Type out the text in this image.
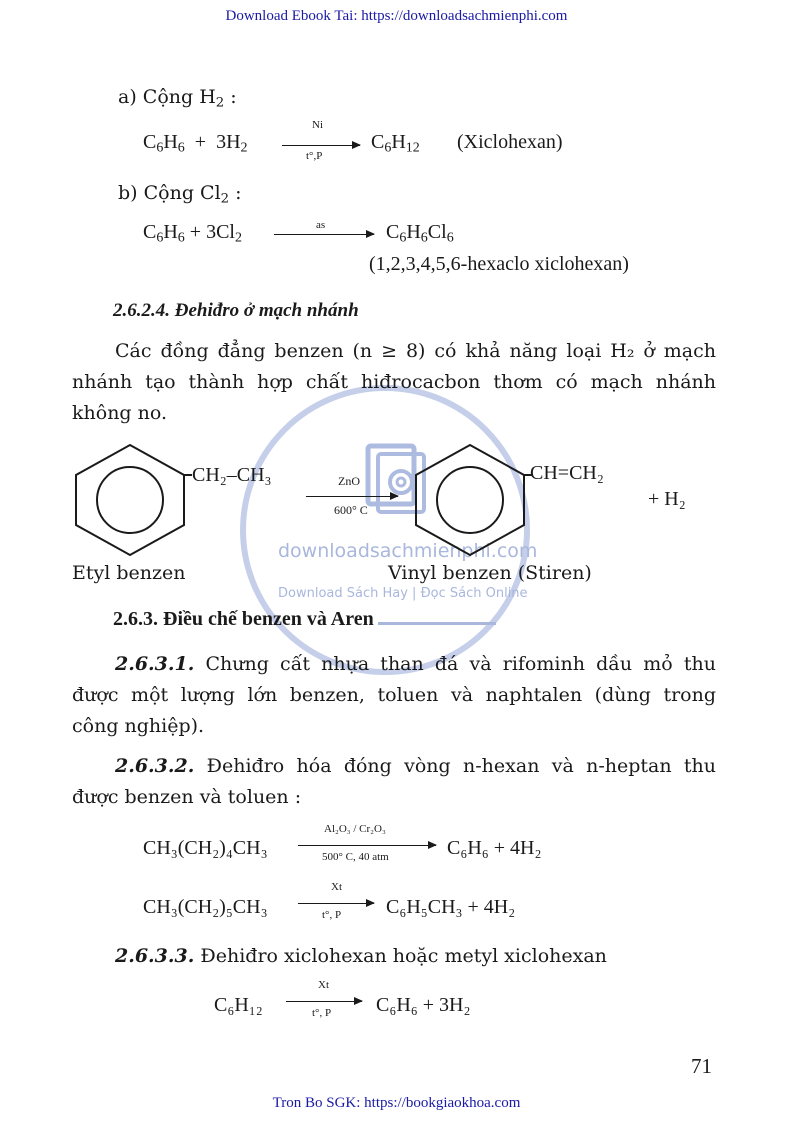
Download Ebook Tai: https://downloadsachmienphi.com
Tron Bo SGK: https://bookgiaokhoa.com
71
downloadsachmienphi.com
Download Sách Hay | Đọc Sách Online
a) Cộng $H_2$ :
$C_6H_6 + 3H_2$
Ni
t°,P
$C_6H_{12}$ (Xiclohexan)
b) Cộng $Cl_2$ :
$C_6H_6 + 3Cl_2$
as	$C_6H_6Cl_6$
(1,2,3,4,5,6-hexaclo xiclohexan)
2.6.2.4. Đehiđro ở mạch nhánh
Các đồng đẳng benzen (n ≥ 8) có khả năng loại H₂ ở mạch
nhánh tạo thành hợp chất hiđrocacbon thơm có mạch nhánh
không no.
CH₂–CH₃	ZnO
600° C
CH=CH₂
+ H₂
Etyl benzen	Vinyl benzen (Stiren)
2.6.3. Điều chế benzen và Aren
2.6.3.1. Chưng cất nhựa than đá và rifominh dầu mỏ thu
được một lượng lớn benzen, toluen và naphtalen (dùng trong
công nghiệp).
2.6.3.2. Đehiđro hóa đóng vòng n-hexan và n-heptan thu
được benzen và toluen :
CH₃(CH₂)₄CH₃
Al₂O₃ / Cr₂O₃
500° C, 40 atm	C₆H₆ + 4H₂
CH₃(CH₂)₅CH₃
Xt
t°, P C₆H₅CH₃ + 4H₂
2.6.3.3. Đehiđro xiclohexan hoặc metyl xiclohexan
C₆H₁₂
Xt
t°, P C₆H₆ + 3H₂
